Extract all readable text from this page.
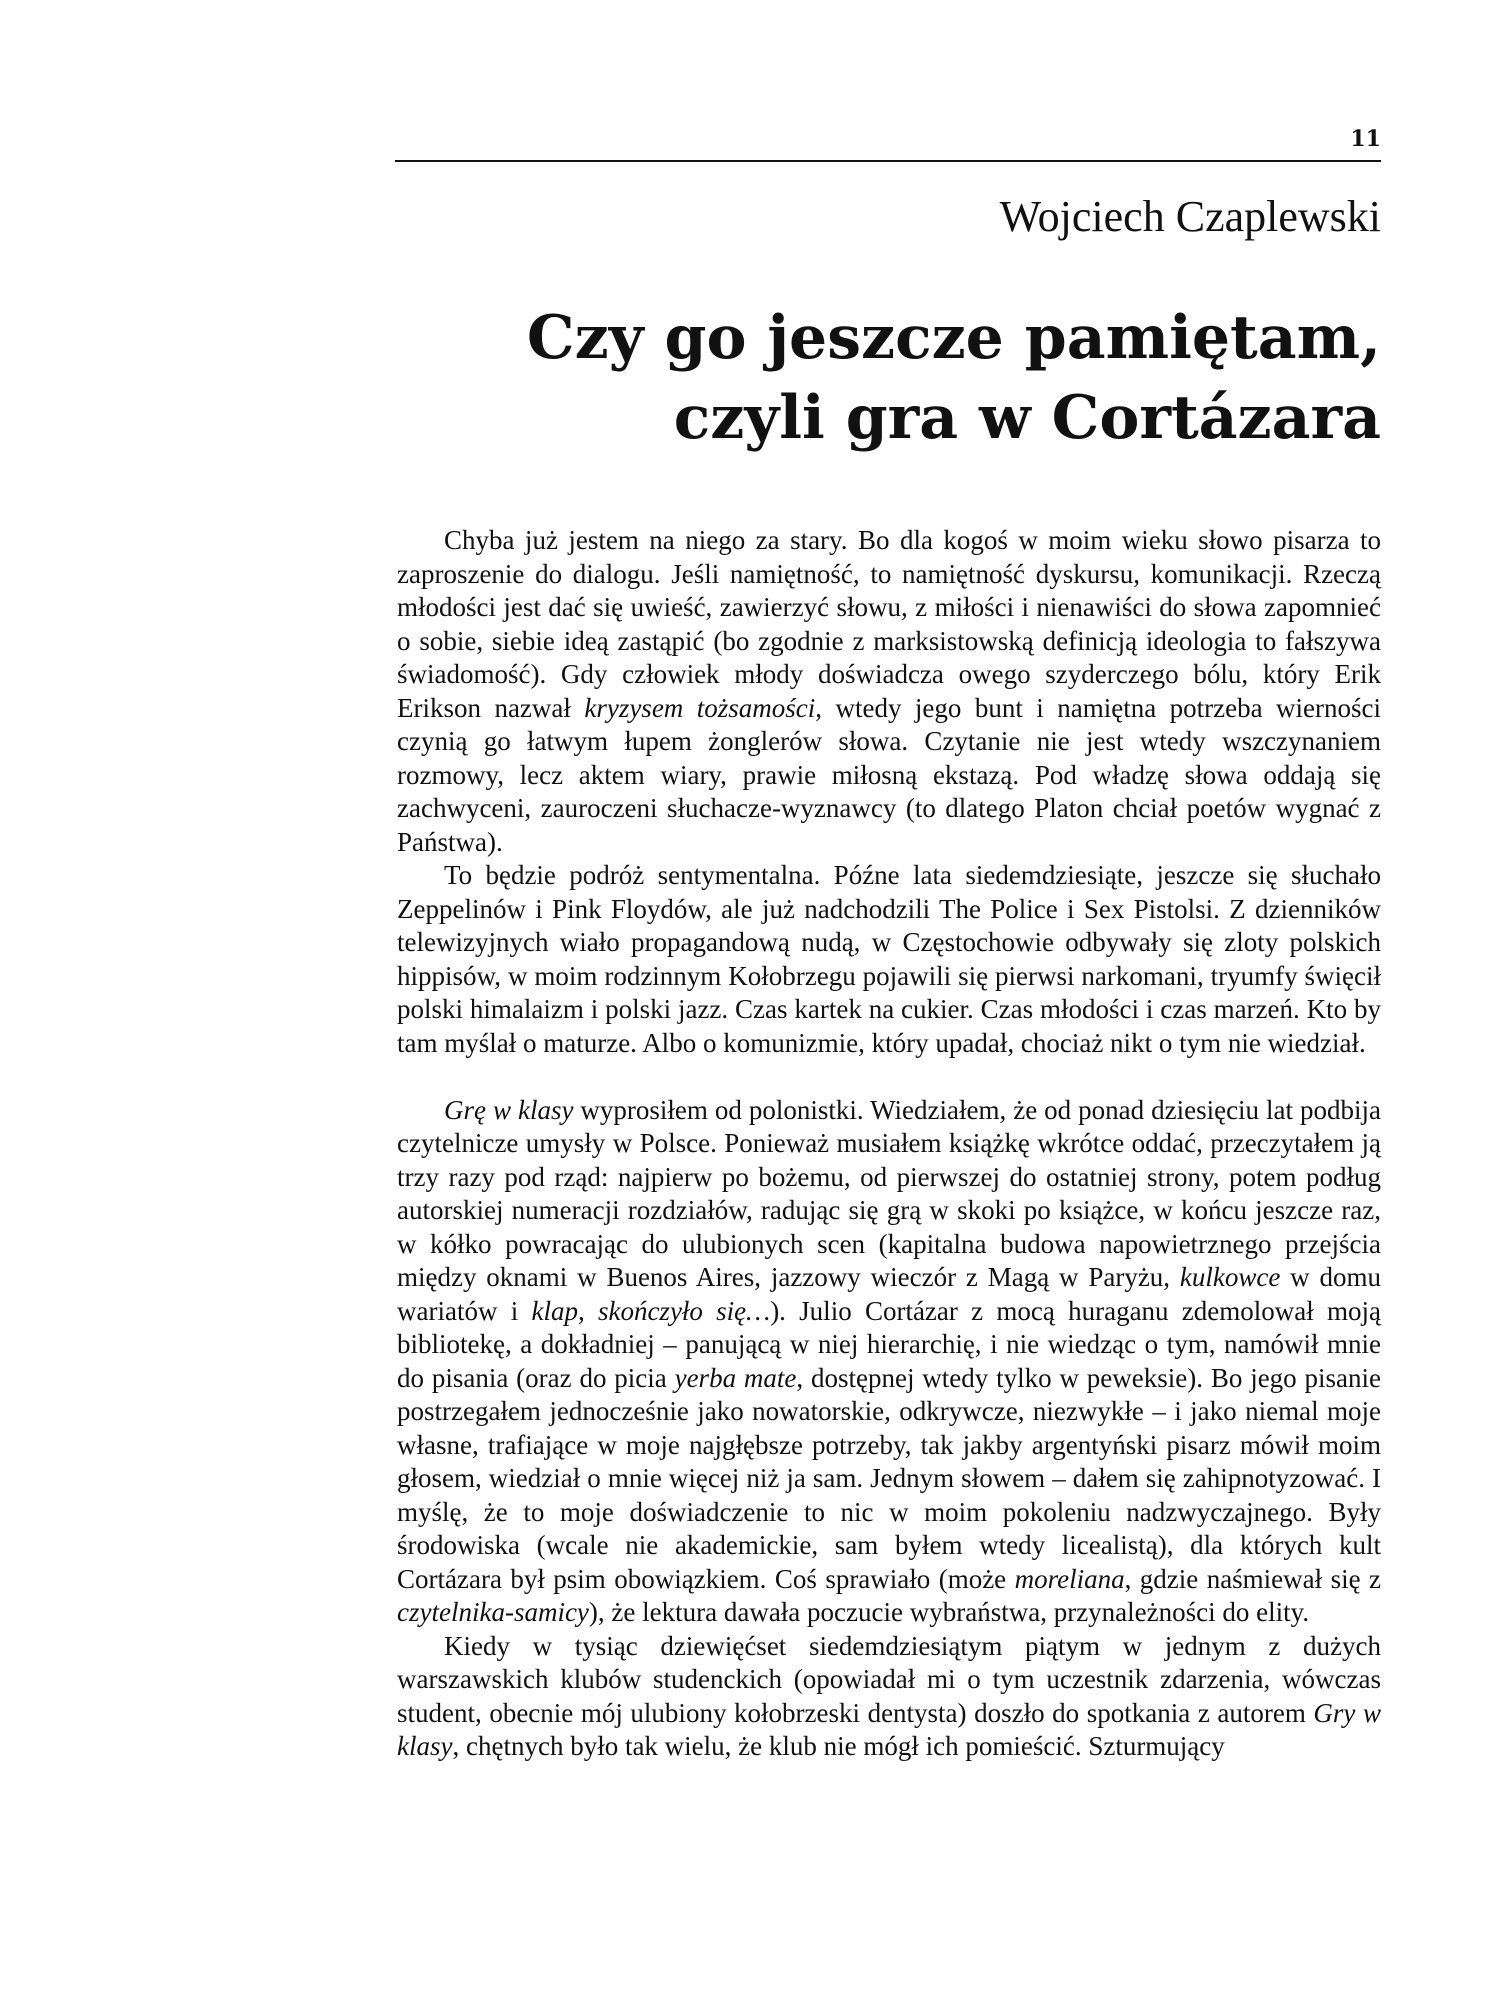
11
Wojciech Czaplewski
Czy go jeszcze pamiętam,
czyli gra w Cortázara

Chyba już jestem na niego za stary. Bo dla kogoś w moim wieku słowo pisarza to zaproszenie do dialogu. Jeśli namiętność, to namiętność dyskursu, komunikacji. Rzeczą młodości jest dać się uwieść, zawierzyć słowu, z miłości i nienawiści do słowa zapomnieć o sobie, siebie ideą zastąpić (bo zgodnie z marksistowską definicją ideologia to fałszywa świadomość). Gdy człowiek młody doświadcza owego szyderczego bólu, który Erik Erikson nazwał kryzysem tożsamości, wtedy jego bunt i namiętna potrzeba wierności czynią go łatwym łupem żonglerów słowa. Czytanie nie jest wtedy wszczynaniem rozmowy, lecz aktem wiary, prawie miłosną ekstazą. Pod władzę słowa oddają się zachwyceni, zauroczeni słuchacze-wyznawcy (to dlatego Platon chciał poetów wygnać z Państwa).

To będzie podróż sentymentalna. Późne lata siedemdziesiąte, jeszcze się słuchało Zeppelinów i Pink Floydów, ale już nadchodzili The Police i Sex Pistolsi. Z dzienników telewizyjnych wiało propagandową nudą, w Częstochowie odbywały się zloty polskich hippisów, w moim rodzinnym Kołobrzegu pojawili się pierwsi narkomani, tryumfy święcił polski himalaizm i polski jazz. Czas kartek na cukier. Czas młodości i czas marzeń. Kto by tam myślał o maturze. Albo o komunizmie, który upadał, chociaż nikt o tym nie wiedział.

Grę w klasy wyprosiłem od polonistki. Wiedziałem, że od ponad dziesięciu lat podbija czytelnicze umysły w Polsce. Ponieważ musiałem książkę wkrótce oddać, przeczytałem ją trzy razy pod rząd: najpierw po bożemu, od pierwszej do ostatniej strony, potem podług autorskiej numeracji rozdziałów, radując się grą w skoki po książce, w końcu jeszcze raz, w kółko powracając do ulubionych scen (kapitalna budowa napowietrznego przejścia między oknami w Buenos Aires, jazzowy wieczór z Magą w Paryżu, kulkowce w domu wariatów i klap, skończyło się…). Julio Cortázar z mocą huraganu zdemolował moją bibliotekę, a dokładniej – panującą w niej hierarchię, i nie wiedząc o tym, namówił mnie do pisania (oraz do picia yerba mate, dostępnej wtedy tylko w peweksie). Bo jego pisanie postrzegałem jednocześnie jako nowatorskie, odkrywcze, niezwykłe – i jako niemal moje własne, trafiające w moje najgłębsze potrzeby, tak jakby argentyński pisarz mówił moim głosem, wiedział o mnie więcej niż ja sam. Jednym słowem – dałem się zahipnotyzować. I myślę, że to moje doświadczenie to nic w moim pokoleniu nadzwyczajnego. Były środowiska (wcale nie akademickie, sam byłem wtedy licealistą), dla których kult Cortázara był psim obowiązkiem. Coś sprawiało (może moreliana, gdzie naśmiewał się z czytelnika-samicy), że lektura dawała poczucie wybraństwa, przynależności do elity.

Kiedy w tysiąc dziewięćset siedemdziesiątym piątym w jednym z dużych warszawskich klubów studenckich (opowiadał mi o tym uczestnik zdarzenia, wówczas student, obecnie mój ulubiony kołobrzeski dentysta) doszło do spotkania z autorem Gry w klasy, chętnych było tak wielu, że klub nie mógł ich pomieścić. Szturmujący
